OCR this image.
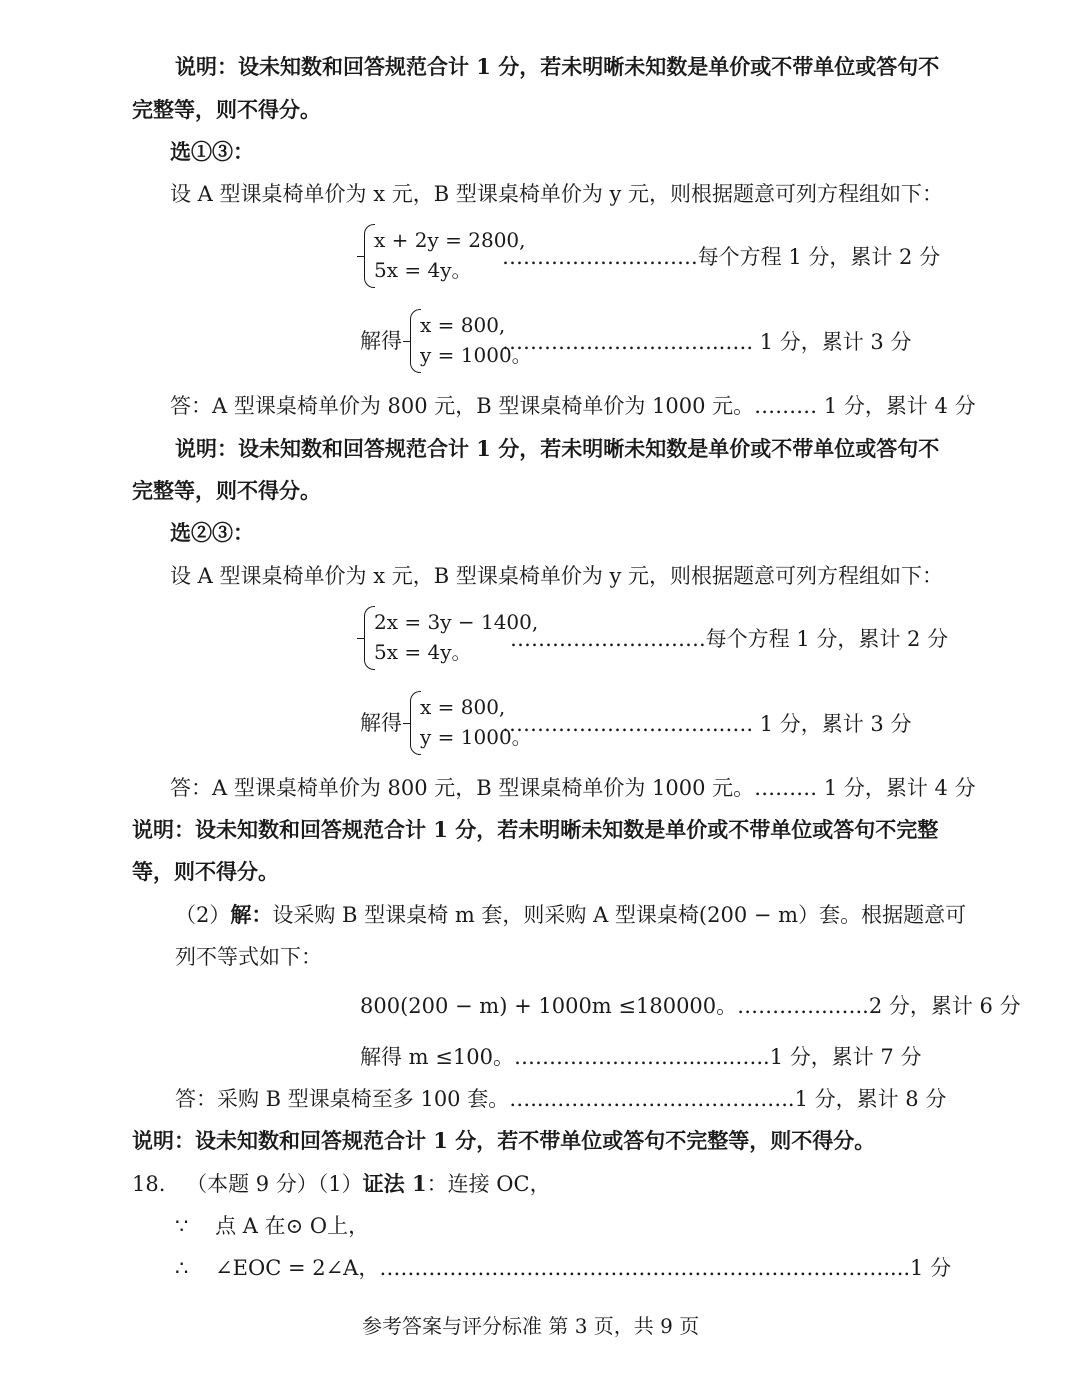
说明：设未知数和回答规范合计 1 分，若未明晰未知数是单价或不带单位或答句不
完整等，则不得分。
选①③：
设 A 型课桌椅单价为 x 元，B 型课桌椅单价为 y 元，则根据题意可列方程组如下：
x + 2y = 2800,
5x = 4y。
……………………….每个方程 1 分，累计 2 分
解得
x = 800,
y = 1000。
…………………………..…. 1 分，累计 3 分
答：A 型课桌椅单价为 800 元，B 型课桌椅单价为 1000 元。……… 1 分，累计 4 分
说明：设未知数和回答规范合计 1 分，若未明晰未知数是单价或不带单位或答句不
完整等，则不得分。
选②③：
设 A 型课桌椅单价为 x 元，B 型课桌椅单价为 y 元，则根据题意可列方程组如下：
2x = 3y − 1400,
5x = 4y。
……………………….每个方程 1 分，累计 2 分
解得
x = 800,
y = 1000。
…………………………..…. 1 分，累计 3 分
答：A 型课桌椅单价为 800 元，B 型课桌椅单价为 1000 元。……… 1 分，累计 4 分
说明：设未知数和回答规范合计 1 分，若未明晰未知数是单价或不带单位或答句不完整
等，则不得分。
（2）解：设采购 B 型课桌椅 m 套，则采购 A 型课桌椅(200 − m）套。根据题意可
列不等式如下：
800(200 − m) + 1000m ≤180000。…………..…..2 分，累计 6 分
解得 m ≤100。……………………........…..1 分，累计 7 分
答：采购 B 型课桌椅至多 100 套。…...……………………………..1 分，累计 8 分
说明：设未知数和回答规范合计 1 分，若不带单位或答句不完整等，则不得分。
18. （本题 9 分）（1）证法 1：连接 OC，
∵ 点 A 在⊙ O上，
∴ ∠EOC = 2∠A，………………………………………………………………....1 分
参考答案与评分标准 第 3 页，共 9 页
